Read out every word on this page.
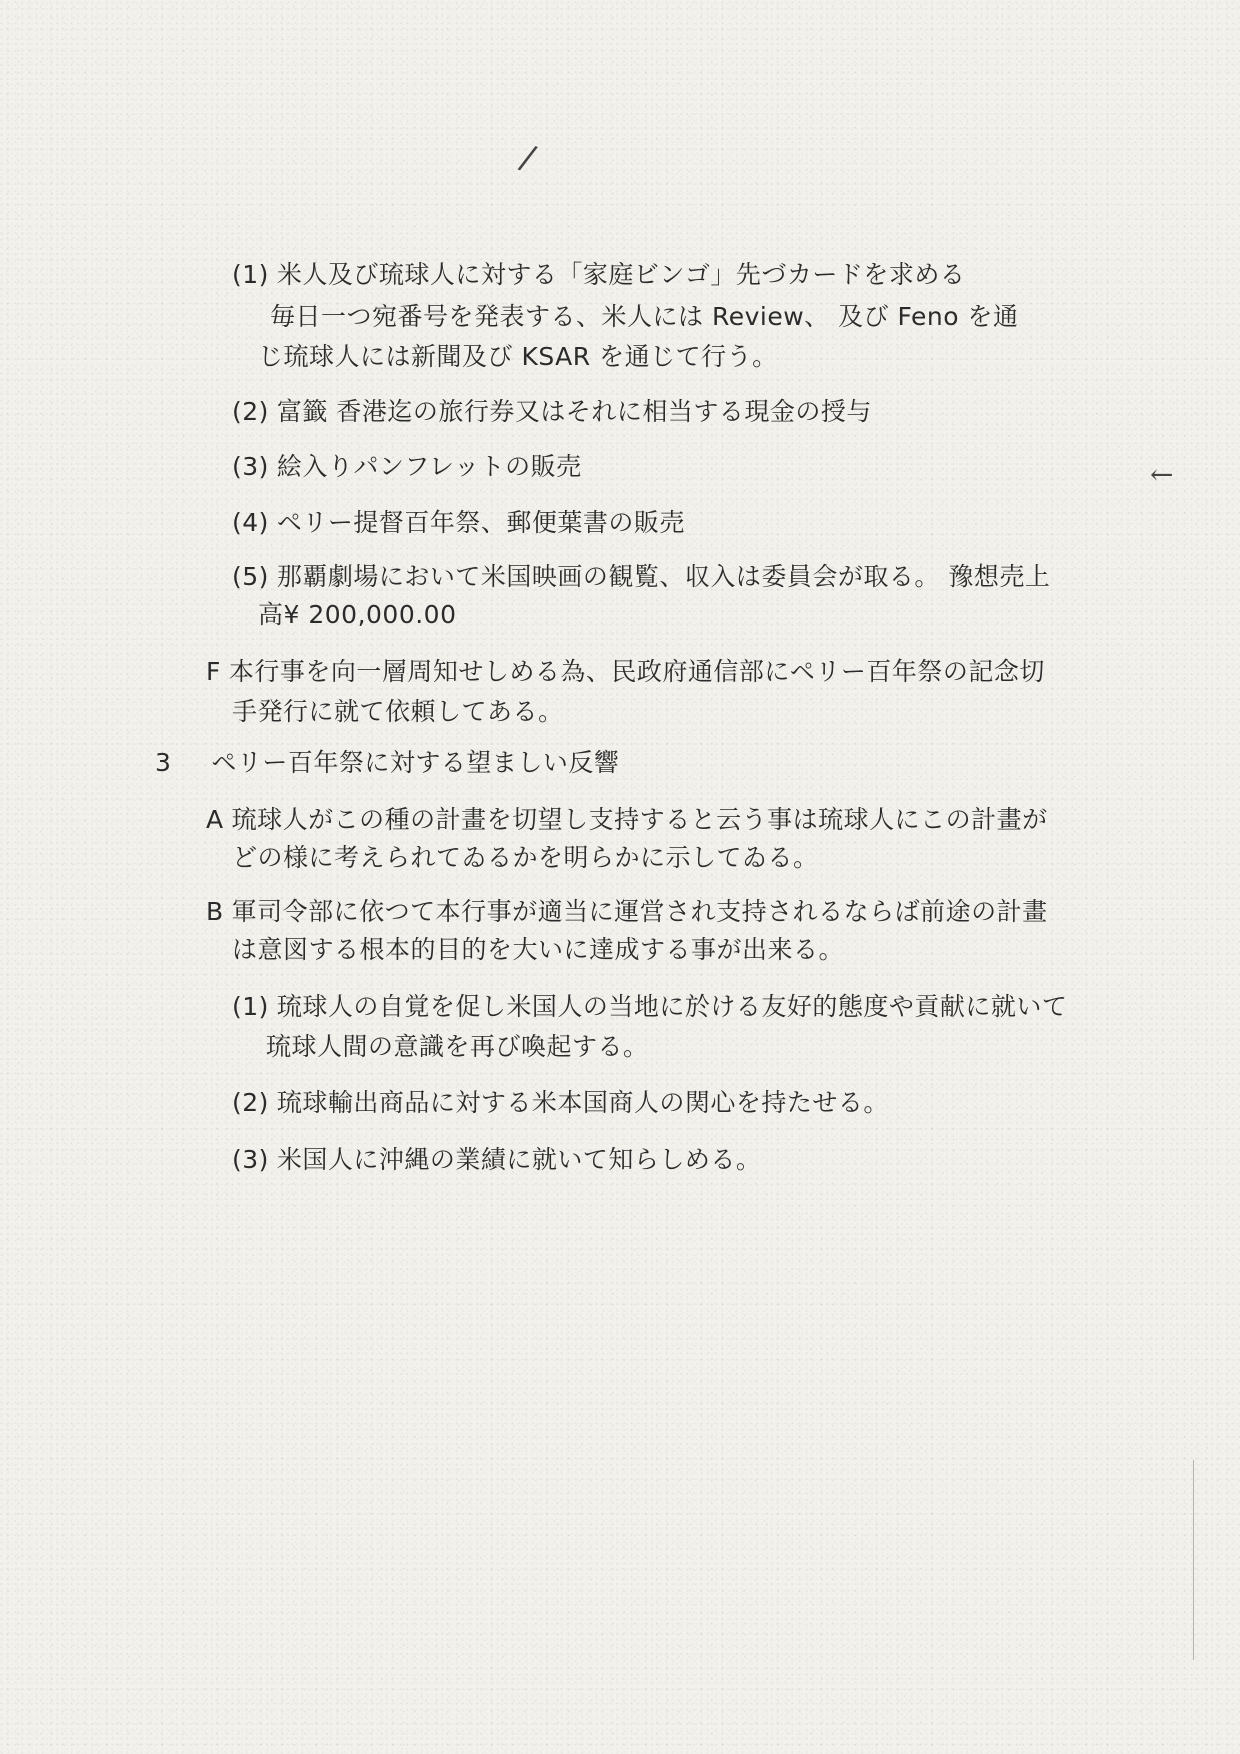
/
←
(1) 米人及び琉球人に対する「家庭ビンゴ」先づカードを求める
毎日一つ宛番号を発表する、米人には Review、 及び Feno を通
じ琉球人には新聞及び KSAR を通じて行う。
(2) 富籤 香港迄の旅行券又はそれに相当する現金の授与
(3) 絵入りパンフレットの販売
(4) ペリー提督百年祭、郵便葉書の販売
(5) 那覇劇場において米国映画の観覧、収入は委員会が取る。 豫想売上
高¥ 200,000.00
F 本行事を向一層周知せしめる為、民政府通信部にペリー百年祭の記念切
手発行に就て依頼してある。
3 ペリー百年祭に対する望ましい反響
A 琉球人がこの種の計畫を切望し支持すると云う事は琉球人にこの計畫が
どの様に考えられてゐるかを明らかに示してゐる。
B 軍司令部に依つて本行事が適当に運営され支持されるならば前途の計畫
は意図する根本的目的を大いに達成する事が出来る。
(1) 琉球人の自覚を促し米国人の当地に於ける友好的態度や貢献に就いて
琉球人間の意識を再び喚起する。
(2) 琉球輸出商品に対する米本国商人の関心を持たせる。
(3) 米国人に沖縄の業績に就いて知らしめる。
